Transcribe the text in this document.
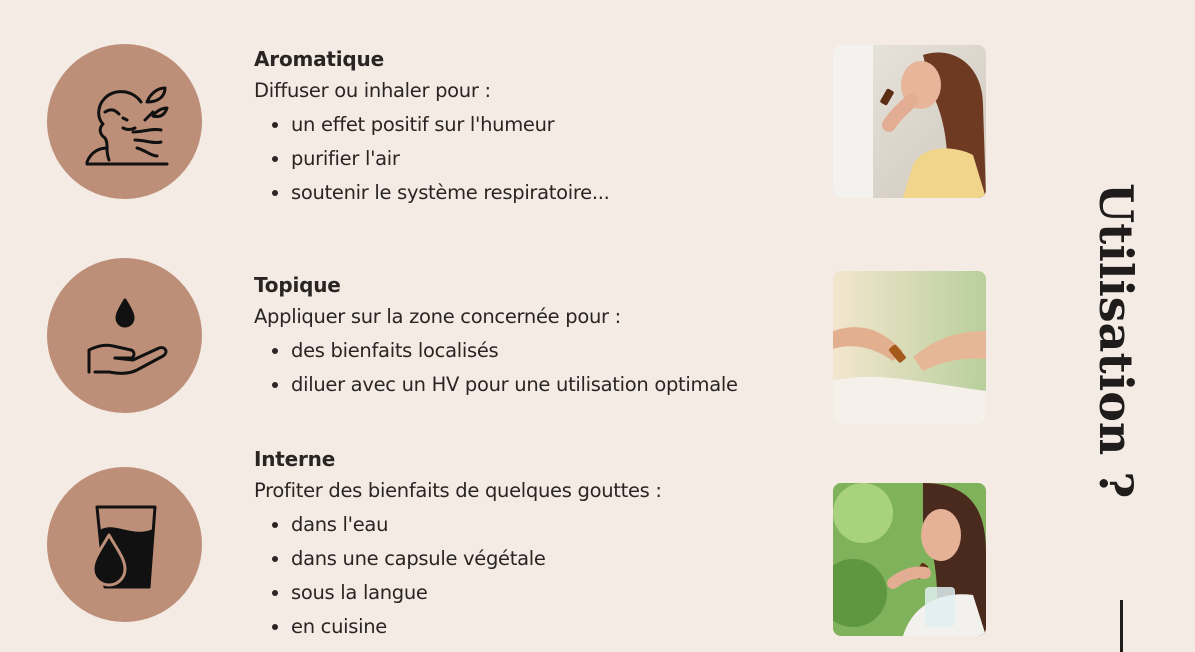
Aromatique
Diffuser ou inhaler pour :
• un effet positif sur l'humeur
• purifier l'air
• soutenir le système respiratoire...
Topique
Appliquer sur la zone concernée pour :
• des bienfaits localisés
• diluer avec un HV pour une utilisation optimale
Interne
Profiter des bienfaits de quelques gouttes :
• dans l'eau
• dans une capsule végétale
• sous la langue
• en cuisine
Utilisation ?
